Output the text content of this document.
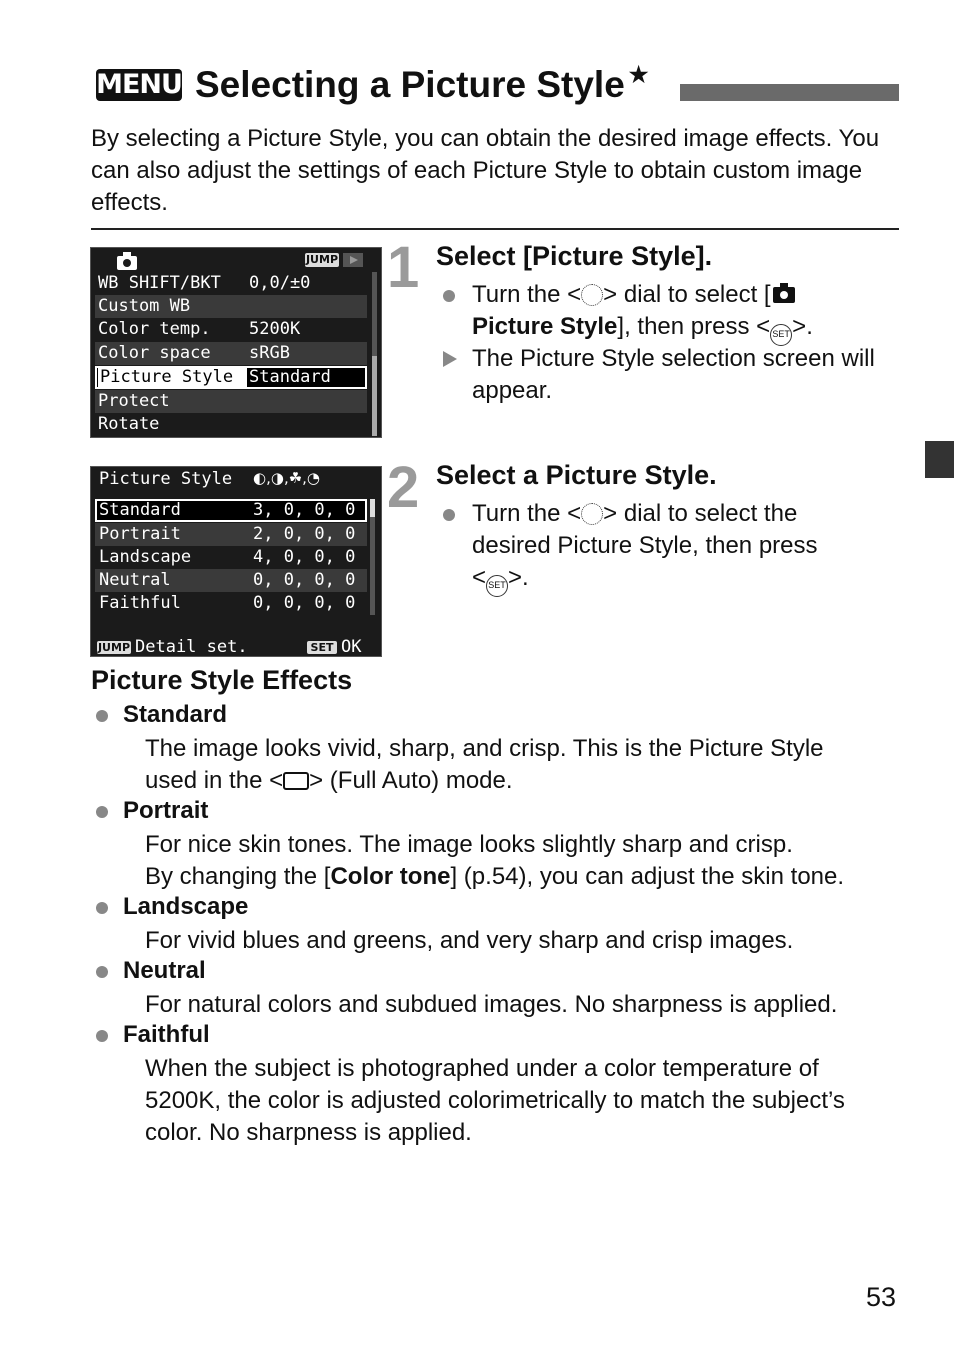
MENU Selecting a Picture Style ★
By selecting a Picture Style, you can obtain the desired image effects. You can also adjust the settings of each Picture Style to obtain custom image effects.
JUMP
WB SHIFT/BKT 0,0/±0
Custom WB
Color temp. 5200K
Color space sRGB
Picture Style Standard
Protect
Rotate
Picture Style ◐,◑,☘,◔
Standard	3, 0, 0, 0
Portrait	2, 0, 0, 0
Landscape	4, 0, 0, 0
Neutral	0, 0, 0, 0
Faithful	0, 0, 0, 0
JUMP Detail set.	SET OK
1 Select [Picture Style].
Turn the < > dial to select [
Picture Style], then press < SET>.
The Picture Style selection screen will appear.
2 Select a Picture Style.
Turn the < > dial to select the desired Picture Style, then press
< SET>.
Picture Style Effects
Standard
The image looks vivid, sharp, and crisp. This is the Picture Style
used in the < > (Full Auto) mode.
Portrait
For nice skin tones. The image looks slightly sharp and crisp.
By changing the [Color tone] (p.54), you can adjust the skin tone.
Landscape
For vivid blues and greens, and very sharp and crisp images.
Neutral
For natural colors and subdued images. No sharpness is applied.
Faithful
When the subject is photographed under a color temperature of 5200K, the color is adjusted colorimetrically to match the subject’s color. No sharpness is applied.
53
